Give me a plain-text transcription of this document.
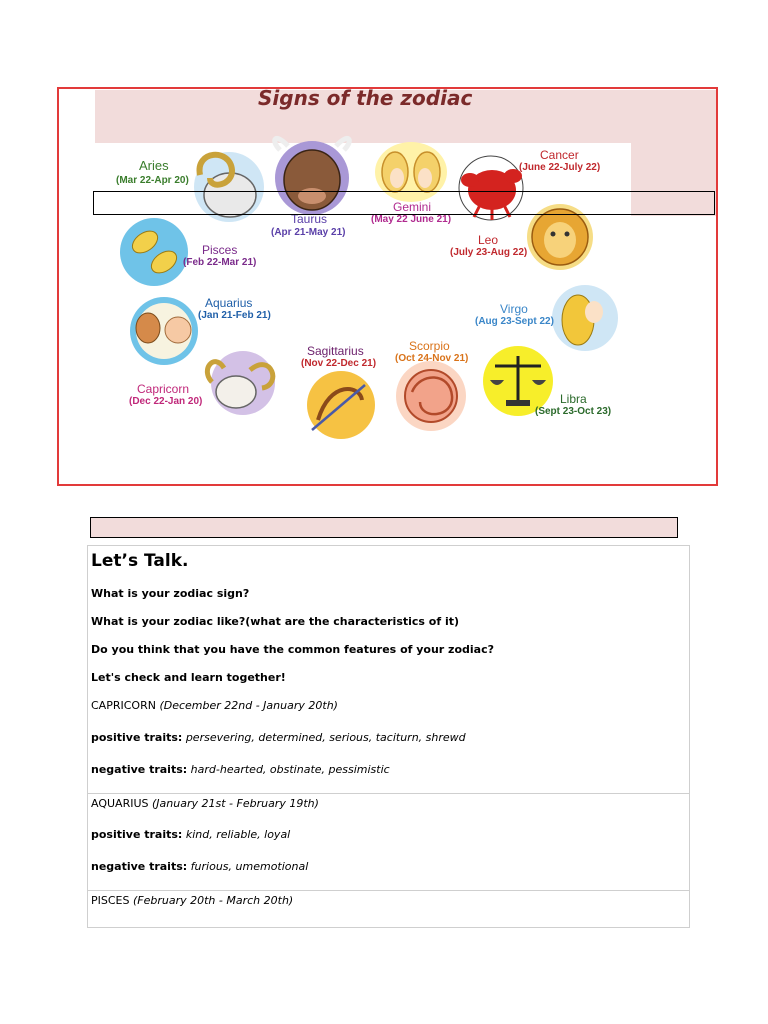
Signs of the zodiac
Aries
(Mar 22-Apr 20)
Taurus
(Apr 21-May 21)
Gemini
(May 22 June 21)
Cancer
(June 22-July 22)
Leo
(July 23-Aug 22)
Pisces
(Feb 22-Mar 21)
Aquarius
(Jan 21-Feb 21)	Virgo
(Aug 23-Sept 22)
Sagittarius
(Nov 22-Dec 21)
Scorpio
(Oct 24-Nov 21)
Capricorn
(Dec 22-Jan 20)	Libra
(Sept 23-Oct 23)
Let’s Talk.
What is your zodiac sign?
What is your zodiac like?(what are the characteristics of it)
Do you think that you have the common features of your zodiac?
Let's check and learn together!
CAPRICORN (December 22nd - January 20th)
positive traits: persevering, determined, serious, taciturn, shrewd
negative traits: hard-hearted, obstinate, pessimistic
AQUARIUS (January 21st - February 19th)
positive traits: kind, reliable, loyal
negative traits: furious, umemotional
PISCES (February 20th - March 20th)
